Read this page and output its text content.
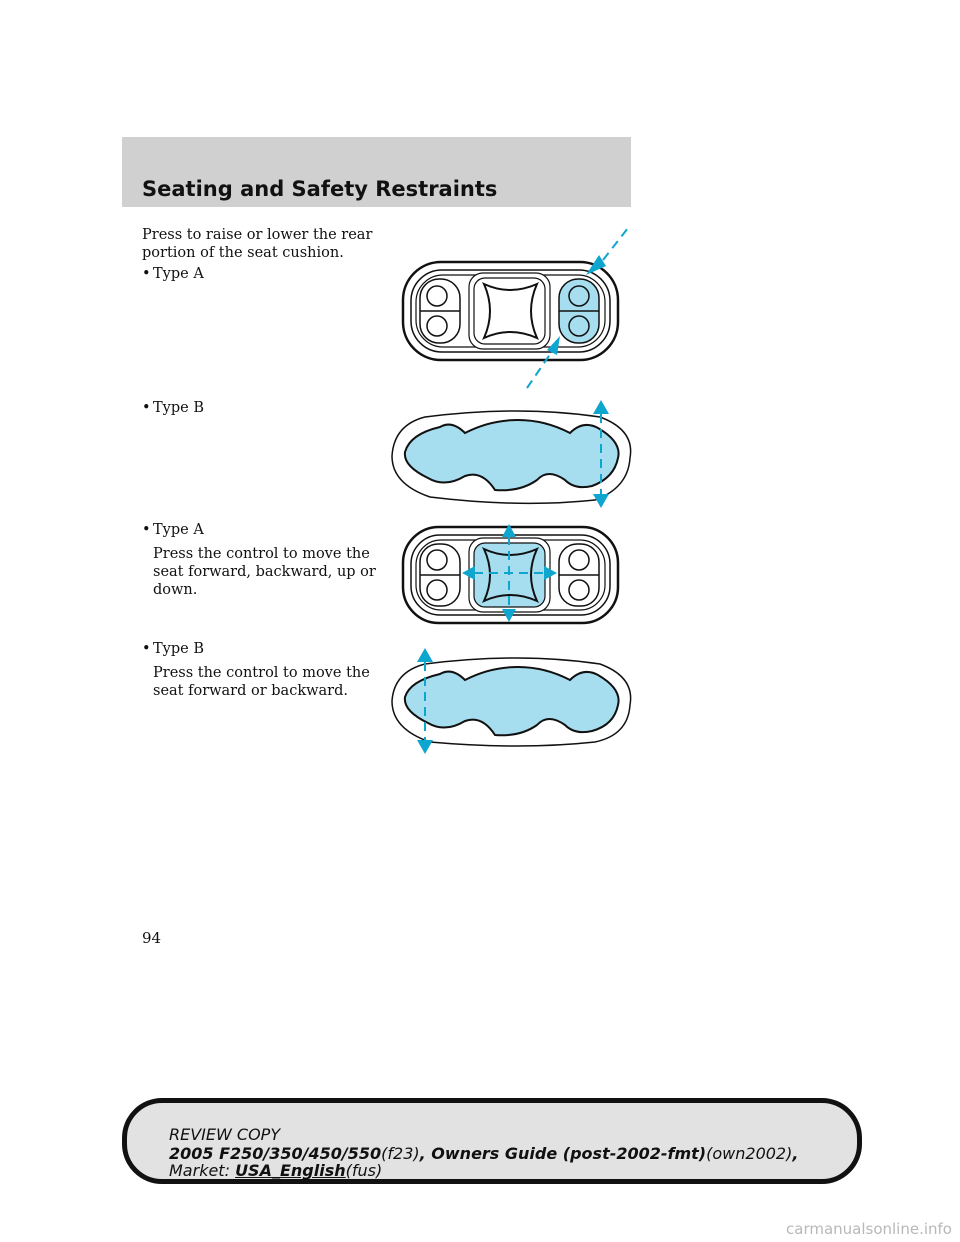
Seating and Safety Restraints
Press to raise or lower the rear portion of the seat cushion.
• Type A
• Type B
• Type A
Press the control to move the seat forward, backward, up or down.
• Type B
Press the control to move the seat forward or backward.
94
REVIEW COPY
2005 F250/350/450/550(f23), Owners Guide (post-2002-fmt)(own2002),
Market: USA_English(fus)
carmanualsonline.info
